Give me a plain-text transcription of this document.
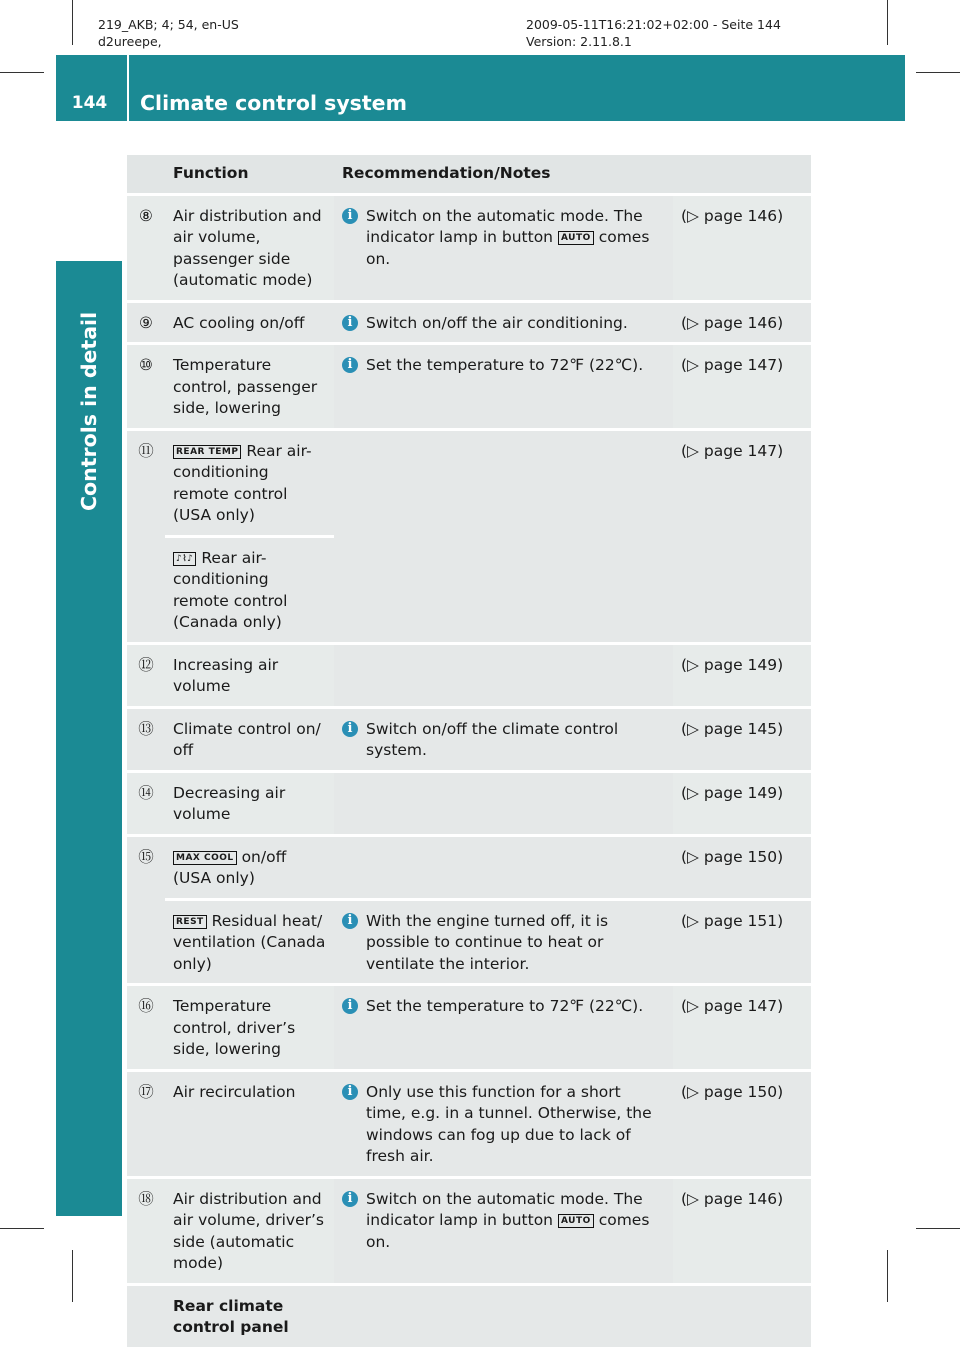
219_AKB; 4; 54, en-US
d2ureepe,
2009-05-11T16:21:02+02:00 - Seite 144
Version: 2.11.8.1
144	Climate control system
Controls in detail
	Function	Recommendation/Notes	
⑧	Air distribution and air volume, passenger side (automatic mode)	i Switch on the automatic mode. The indicator lamp in button AUTO comes on.	(▷ page 146)
⑨	AC cooling on/off	i Switch on/off the air conditioning.	(▷ page 146)
⑩	Temperature control, passenger side, lowering	i Set the temperature to 72℉ (22℃).	(▷ page 147)
⑪	REAR TEMP Rear air-conditioning remote control (USA only)		(▷ page 147)
	♪⌇♪ Rear air-conditioning remote control (Canada only)		
⑫	Increasing air volume		(▷ page 149)
⑬	Climate control on/ off	i Switch on/off the climate control system.	(▷ page 145)
⑭	Decreasing air volume		(▷ page 149)
⑮	MAX COOL on/off (USA only)		(▷ page 150)
	REST Residual heat/ ventilation (Canada only)	i With the engine turned off, it is possible to continue to heat or ventilate the interior.	(▷ page 151)
⑯	Temperature control, driver’s side, lowering	i Set the temperature to 72℉ (22℃).	(▷ page 147)
⑰	Air recirculation	i Only use this function for a short time, e.g. in a tunnel. Otherwise, the windows can fog up due to lack of fresh air.	(▷ page 150)
⑱	Air distribution and air volume, driver’s side (automatic mode)	i Switch on the automatic mode. The indicator lamp in button AUTO comes on.	(▷ page 146)
	Rear climate control panel		
